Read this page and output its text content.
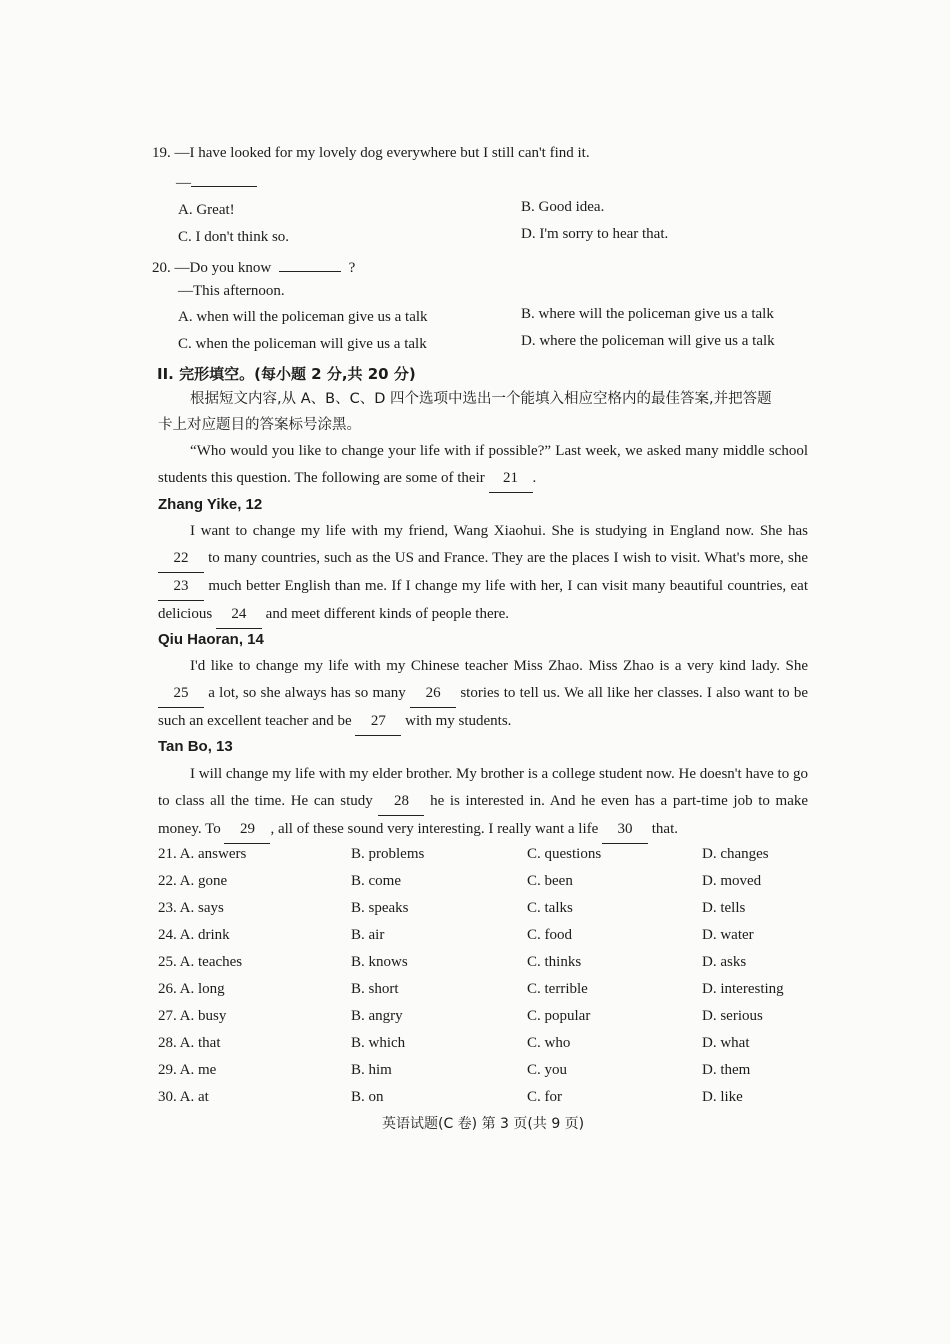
19. —I have looked for my lovely dog everywhere but I still can't find it.
—
A. Great!	B. Good idea.
C. I don't think so.	D. I'm sorry to hear that.
20. —Do you know	?
—This afternoon.
A. when will the policeman give us a talk	B. where will the policeman give us a talk
C. when the policeman will give us a talk	D. where the policeman will give us a talk
II. 完形填空。(每小题 2 分,共 20 分)
根据短文内容,从 A、B、C、D 四个选项中选出一个能填入相应空格内的最佳答案,并把答题
卡上对应题目的答案标号涂黑。
“Who would you like to change your life with if possible?” Last week, we asked many middle school students this question. The following are some of their 21 .
Zhang Yike, 12
I want to change my life with my friend, Wang Xiaohui. She is studying in England now. She has 22 to many countries, such as the US and France. They are the places I wish to visit. What's more, she 23 much better English than me. If I change my life with her, I can visit many beautiful countries, eat delicious 24 and meet different kinds of people there.
Qiu Haoran, 14
I'd like to change my life with my Chinese teacher Miss Zhao. Miss Zhao is a very kind lady. She 25 a lot, so she always has so many 26 stories to tell us. We all like her classes. I also want to be such an excellent teacher and be 27 with my students.
Tan Bo, 13
I will change my life with my elder brother. My brother is a college student now. He doesn't have to go to class all the time. He can study 28 he is interested in. And he even has a part-time job to make money. To 29 , all of these sound very interesting. I really want a life 30 that.
21. A. answers	B. problems	C. questions	D. changes
22. A. gone	B. come	C. been	D. moved
23. A. says	B. speaks	C. talks	D. tells
24. A. drink	B. air	C. food	D. water
25. A. teaches	B. knows	C. thinks	D. asks
26. A. long	B. short	C. terrible	D. interesting
27. A. busy	B. angry	C. popular	D. serious
28. A. that	B. which	C. who	D. what
29. A. me	B. him	C. you	D. them
30. A. at	B. on	C. for	D. like
英语试题(C 卷) 第 3 页(共 9 页)
